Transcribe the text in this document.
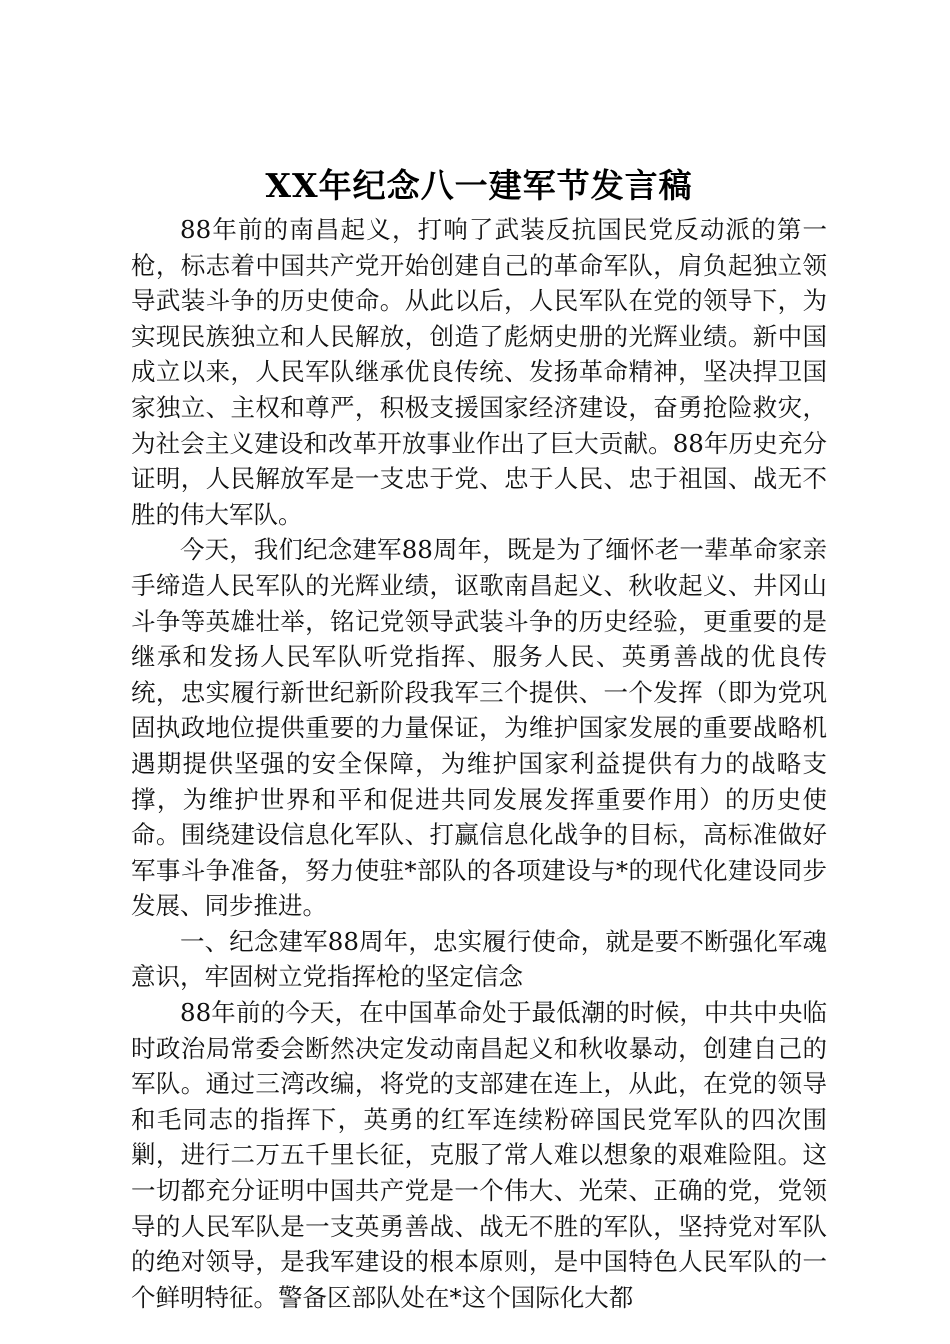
XX年纪念八一建军节发言稿

88年前的南昌起义，打响了武装反抗国民党反动派的第一枪，标志着中国共产党开始创建自己的革命军队，肩负起独立领导武装斗争的历史使命。从此以后，人民军队在党的领导下，为实现民族独立和人民解放，创造了彪炳史册的光辉业绩。新中国成立以来，人民军队继承优良传统、发扬革命精神，坚决捍卫国家独立、主权和尊严，积极支援国家经济建设，奋勇抢险救灾，为社会主义建设和改革开放事业作出了巨大贡献。88年历史充分证明，人民解放军是一支忠于党、忠于人民、忠于祖国、战无不胜的伟大军队。

今天，我们纪念建军88周年，既是为了缅怀老一辈革命家亲手缔造人民军队的光辉业绩，讴歌南昌起义、秋收起义、井冈山斗争等英雄壮举，铭记党领导武装斗争的历史经验，更重要的是继承和发扬人民军队听党指挥、服务人民、英勇善战的优良传统，忠实履行新世纪新阶段我军三个提供、一个发挥（即为党巩固执政地位提供重要的力量保证，为维护国家发展的重要战略机遇期提供坚强的安全保障，为维护国家利益提供有力的战略支撑，为维护世界和平和促进共同发展发挥重要作用）的历史使命。围绕建设信息化军队、打赢信息化战争的目标，高标准做好军事斗争准备，努力使驻*部队的各项建设与*的现代化建设同步发展、同步推进。

一、纪念建军88周年，忠实履行使命，就是要不断强化军魂意识，牢固树立党指挥枪的坚定信念

88年前的今天，在中国革命处于最低潮的时候，中共中央临时政治局常委会断然决定发动南昌起义和秋收暴动，创建自己的军队。通过三湾改编，将党的支部建在连上，从此，在党的领导和毛同志的指挥下，英勇的红军连续粉碎国民党军队的四次围剿，进行二万五千里长征，克服了常人难以想象的艰难险阻。这一切都充分证明中国共产党是一个伟大、光荣、正确的党，党领导的人民军队是一支英勇善战、战无不胜的军队，坚持党对军队的绝对领导，是我军建设的根本原则，是中国特色人民军队的一个鲜明特征。警备区部队处在*这个国际化大都
